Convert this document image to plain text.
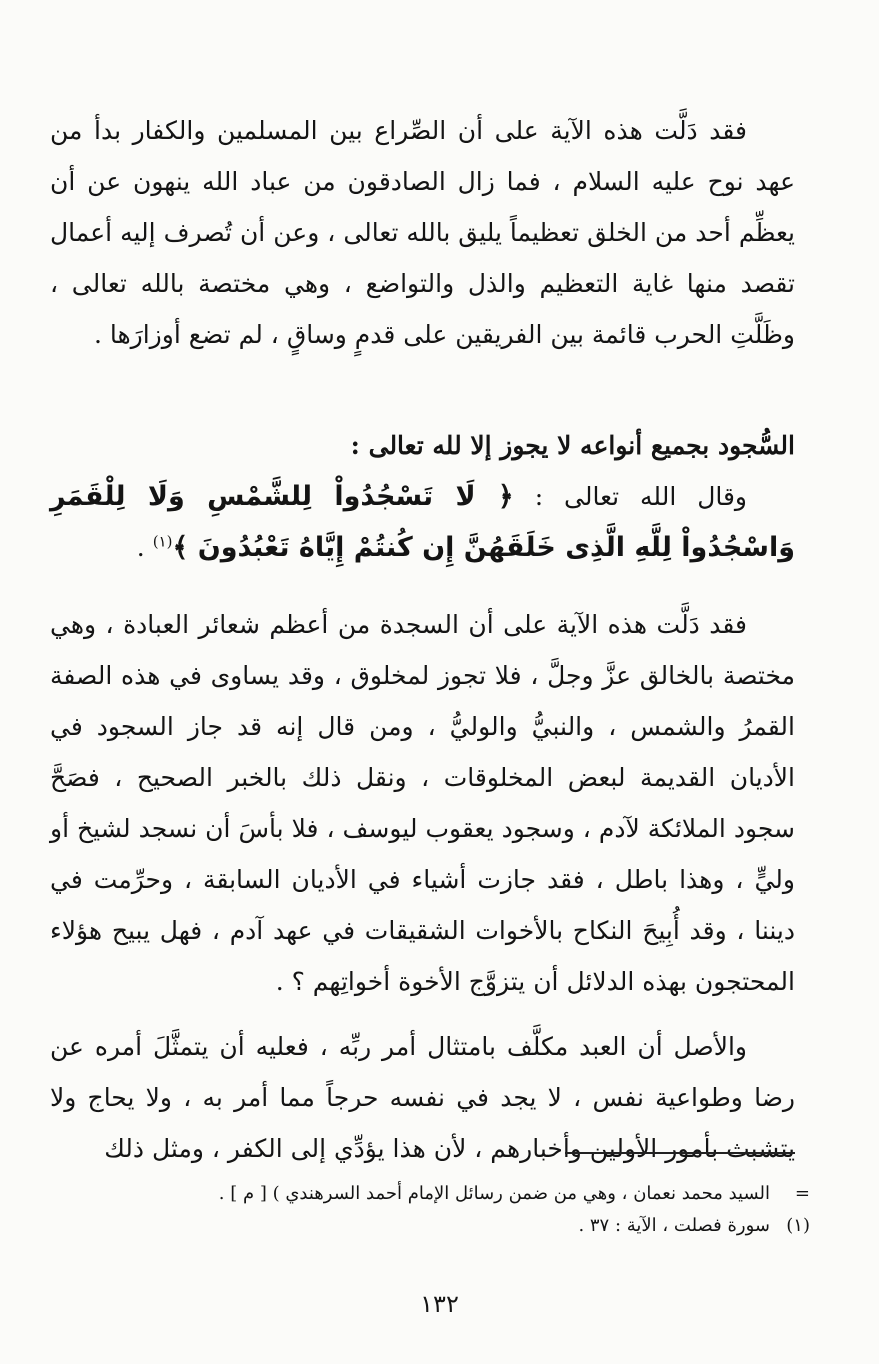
فقد دَلَّت هذه الآية على أن الصِّراع بين المسلمين والكفار بدأ من عهد نوح عليه السلام ، فما زال الصادقون من عباد الله ينهون عن أن يعظِّم أحد من الخلق تعظيماً يليق بالله تعالى ، وعن أن تُصرف إليه أعمال تقصد منها غاية التعظيم والذل والتواضع ، وهي مختصة بالله تعالى ، وظَلَّتِ الحرب قائمة بين الفريقين على قدمٍ وساقٍ ، لم تضع أوزارَها .

السُّجود بجميع أنواعه لا يجوز إلا لله تعالى :

وقال الله تعالى : ﴿ لَا تَسْجُدُواْ لِلشَّمْسِ وَلَا لِلْقَمَرِ وَاسْجُدُواْ لِلَّهِ الَّذِى خَلَقَهُنَّ إِن كُنتُمْ إِيَّاهُ تَعْبُدُونَ ﴾$^{(١)}$ .

فقد دَلَّت هذه الآية على أن السجدة من أعظم شعائر العبادة ، وهي مختصة بالخالق عزَّ وجلَّ ، فلا تجوز لمخلوق ، وقد يساوى في هذه الصفة القمرُ والشمس ، والنبيُّ والوليُّ ، ومن قال إنه قد جاز السجود في الأديان القديمة لبعض المخلوقات ، ونقل ذلك بالخبر الصحيح ، فصَحَّ سجود الملائكة لآدم ، وسجود يعقوب ليوسف ، فلا بأسَ أن نسجد لشيخ أو وليٍّ ، وهذا باطل ، فقد جازت أشياء في الأديان السابقة ، وحرِّمت في ديننا ، وقد أُبِيحَ النكاح بالأخوات الشقيقات في عهد آدم ، فهل يبيح هؤلاء المحتجون بهذه الدلائل أن يتزوَّج الأخوة أخواتِهم ؟ .

والأصل أن العبد مكلَّف بامتثال أمر ربِّه ، فعليه أن يتمثَّلَ أمره عن رضا وطواعية نفس ، لا يجد في نفسه حرجاً مما أمر به ، ولا يحاج ولا يتشبث بأمور الأولين وأخبارهم ، لأن هذا يؤدِّي إلى الكفر ، ومثل ذلك

=
السيد محمد نعمان ، وهي من ضمن رسائل الإمام أحمد السرهندي ) [ م ] .
(١)
سورة فصلت ، الآية : ٣٧ .
١٣٢
